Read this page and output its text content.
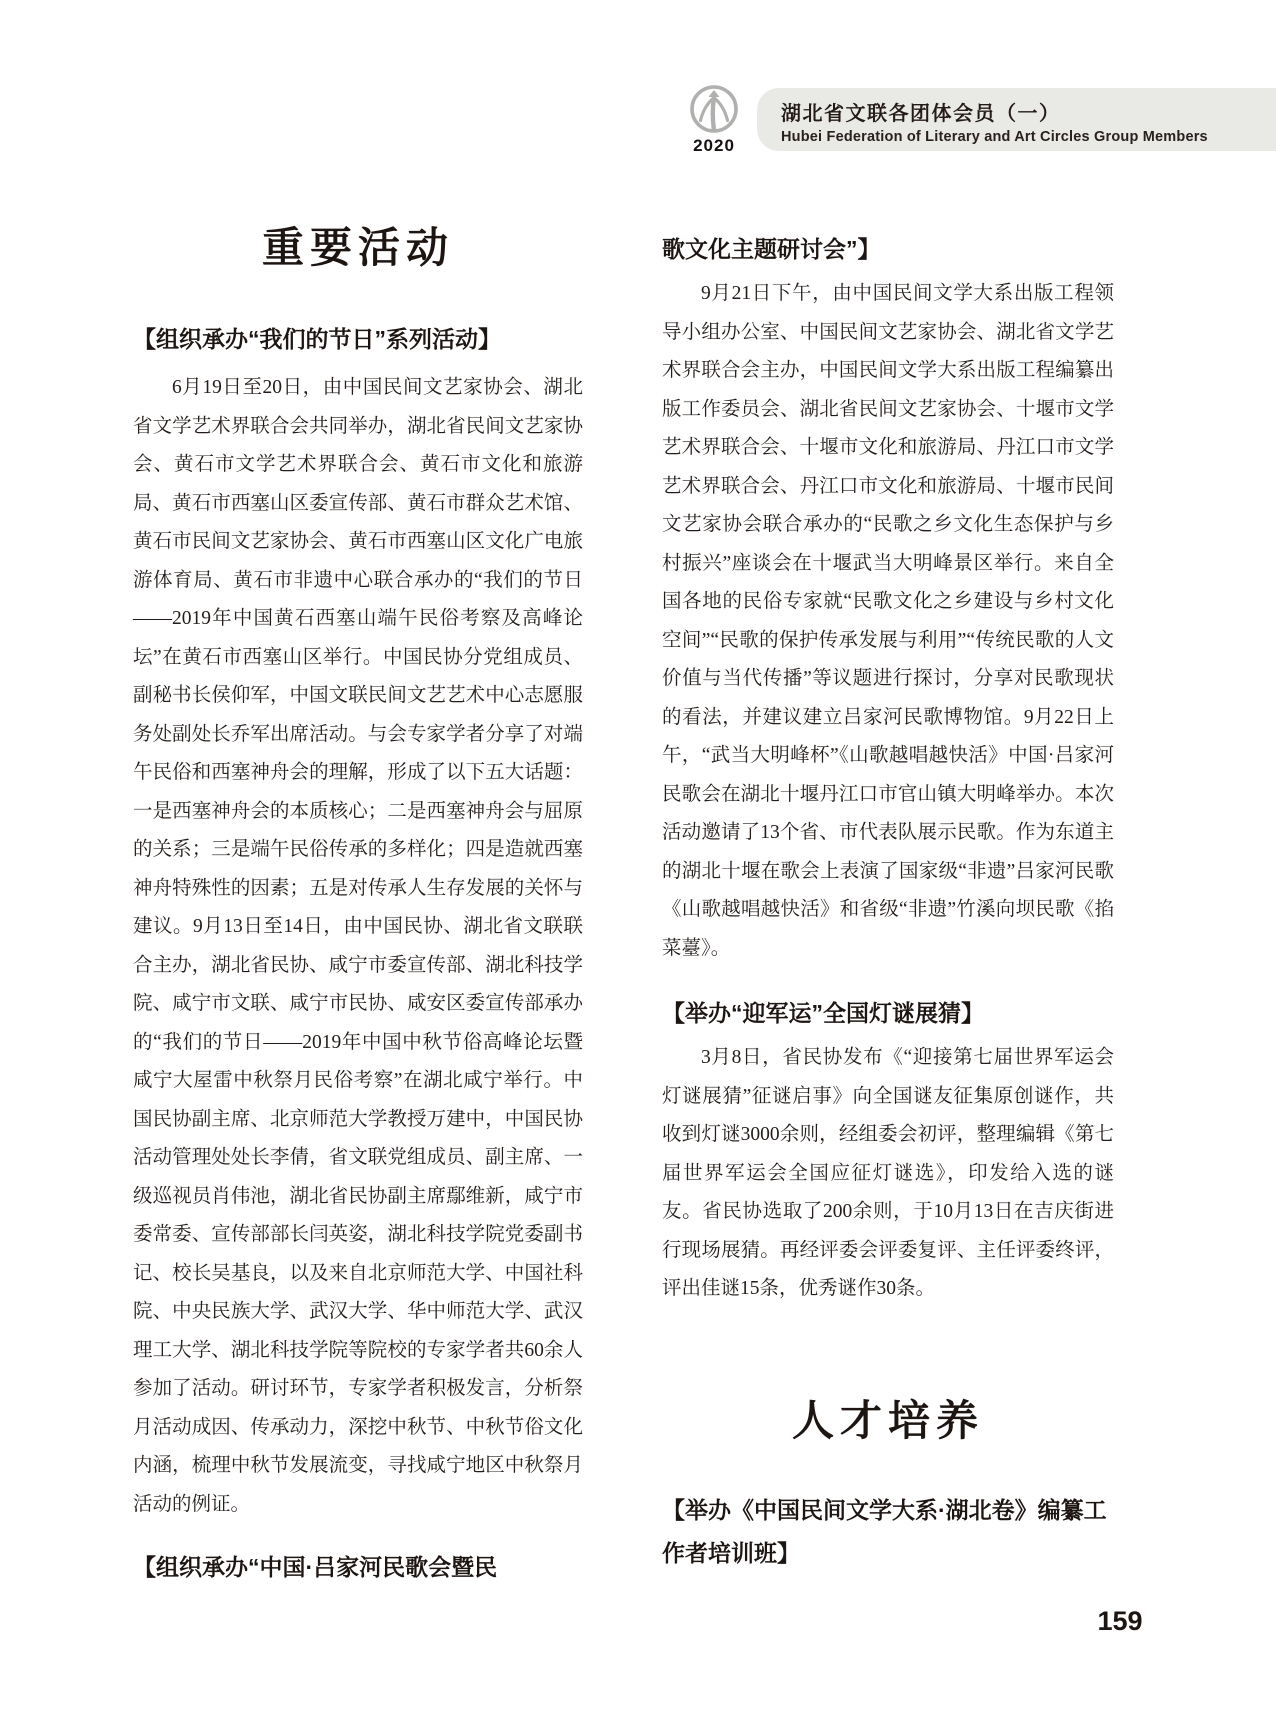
2020
湖北省文联各团体会员（一）
Hubei Federation of Literary and Art Circles Group Members
重要活动
【组织承办“我们的节日”系列活动】

6月19日至20日，由中国民间文艺家协会、湖北省文学艺术界联合会共同举办，湖北省民间文艺家协会、黄石市文学艺术界联合会、黄石市文化和旅游局、黄石市西塞山区委宣传部、黄石市群众艺术馆、黄石市民间文艺家协会、黄石市西塞山区文化广电旅游体育局、黄石市非遗中心联合承办的“我们的节日——2019年中国黄石西塞山端午民俗考察及高峰论坛”在黄石市西塞山区举行。中国民协分党组成员、副秘书长侯仰军，中国文联民间文艺艺术中心志愿服务处副处长乔军出席活动。与会专家学者分享了对端午民俗和西塞神舟会的理解，形成了以下五大话题：一是西塞神舟会的本质核心；二是西塞神舟会与屈原的关系；三是端午民俗传承的多样化；四是造就西塞神舟特殊性的因素；五是对传承人生存发展的关怀与建议。9月13日至14日，由中国民协、湖北省文联联合主办，湖北省民协、咸宁市委宣传部、湖北科技学院、咸宁市文联、咸宁市民协、咸安区委宣传部承办的“我们的节日——2019年中国中秋节俗高峰论坛暨咸宁大屋雷中秋祭月民俗考察”在湖北咸宁举行。中国民协副主席、北京师范大学教授万建中，中国民协活动管理处处长李倩，省文联党组成员、副主席、一级巡视员肖伟池，湖北省民协副主席鄢维新，咸宁市委常委、宣传部部长闫英姿，湖北科技学院党委副书记、校长吴基良，以及来自北京师范大学、中国社科院、中央民族大学、武汉大学、华中师范大学、武汉理工大学、湖北科技学院等院校的专家学者共60余人参加了活动。研讨环节，专家学者积极发言，分析祭月活动成因、传承动力，深挖中秋节、中秋节俗文化内涵，梳理中秋节发展流变，寻找咸宁地区中秋祭月活动的例证。

【组织承办“中国·吕家河民歌会暨民
歌文化主题研讨会”】

9月21日下午，由中国民间文学大系出版工程领导小组办公室、中国民间文艺家协会、湖北省文学艺术界联合会主办，中国民间文学大系出版工程编纂出版工作委员会、湖北省民间文艺家协会、十堰市文学艺术界联合会、十堰市文化和旅游局、丹江口市文学艺术界联合会、丹江口市文化和旅游局、十堰市民间文艺家协会联合承办的“民歌之乡文化生态保护与乡村振兴”座谈会在十堰武当大明峰景区举行。来自全国各地的民俗专家就“民歌文化之乡建设与乡村文化空间”“民歌的保护传承发展与利用”“传统民歌的人文价值与当代传播”等议题进行探讨，分享对民歌现状的看法，并建议建立吕家河民歌博物馆。9月22日上午，“武当大明峰杯”《山歌越唱越快活》中国·吕家河民歌会在湖北十堰丹江口市官山镇大明峰举办。本次活动邀请了13个省、市代表队展示民歌。作为东道主的湖北十堰在歌会上表演了国家级“非遗”吕家河民歌《山歌越唱越快活》和省级“非遗”竹溪向坝民歌《掐菜薹》。

【举办“迎军运”全国灯谜展猜】

3月8日，省民协发布《“迎接第七届世界军运会灯谜展猜”征谜启事》向全国谜友征集原创谜作，共收到灯谜3000余则，经组委会初评，整理编辑《第七届世界军运会全国应征灯谜选》，印发给入选的谜友。省民协选取了200余则，于10月13日在吉庆街进行现场展猜。再经评委会评委复评、主任评委终评，评出佳谜15条，优秀谜作30条。

人才培养
【举办《中国民间文学大系·湖北卷》编纂工作者培训班】
159
